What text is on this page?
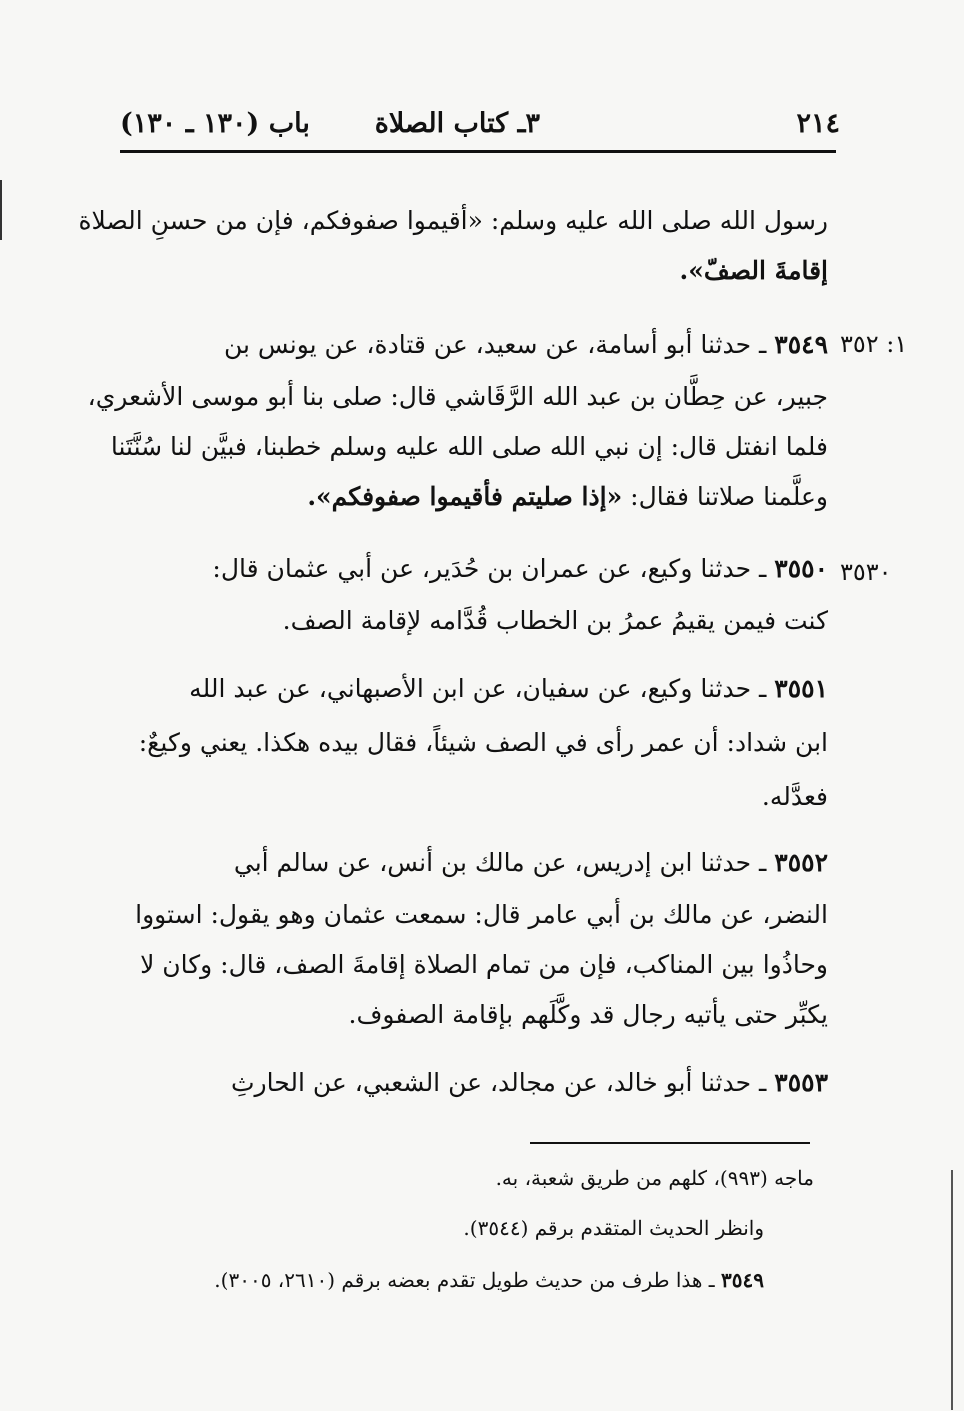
٢١٤
٣ـ كتاب الصلاة
باب (١٣٠ ـ ١٣٠)
رسول الله صلى الله عليه وسلم: «أقيموا صفوفكم، فإن من حسنِ الصلاة
إقامةَ الصفّ».
١: ٣٥٢
٣٥٤٩ ـ حدثنا أبو أسامة، عن سعيد، عن قتادة، عن يونس بن
جبير، عن حِطَّان بن عبد الله الرَّقَاشي قال: صلى بنا أبو موسى الأشعري،
فلما انفتل قال: إن نبي الله صلى الله عليه وسلم خطبنا، فبيَّن لنا سُنَّتَنا
وعلَّمنا صلاتنا فقال: «إذا صليتم فأقيموا صفوفكم».
٣٥٣٠
٣٥٥٠ ـ حدثنا وكيع، عن عمران بن حُدَير، عن أبي عثمان قال:
كنت فيمن يقيمُ عمرُ بن الخطاب قُدَّامه لإقامة الصف.
٣٥٥١ ـ حدثنا وكيع، عن سفيان، عن ابن الأصبهاني، عن عبد الله
ابن شداد: أن عمر رأى في الصف شيئاً، فقال بيده هكذا. يعني وكيعٌ:
فعدَّله.
٣٥٥٢ ـ حدثنا ابن إدريس، عن مالك بن أنس، عن سالم أبي
النضر، عن مالك بن أبي عامر قال: سمعت عثمان وهو يقول: استووا
وحاذُوا بين المناكب، فإن من تمام الصلاة إقامةَ الصف، قال: وكان لا
يكبِّر حتى يأتيه رجال قد وكَّلَهم بإقامة الصفوف.
٣٥٥٣ ـ حدثنا أبو خالد، عن مجالد، عن الشعبي، عن الحارثِ
ماجه (٩٩٣)، كلهم من طريق شعبة، به.
وانظر الحديث المتقدم برقم (٣٥٤٤).
٣٥٤٩ ـ هذا طرف من حديث طويل تقدم بعضه برقم (٢٦١٠، ٣٠٠٥).
